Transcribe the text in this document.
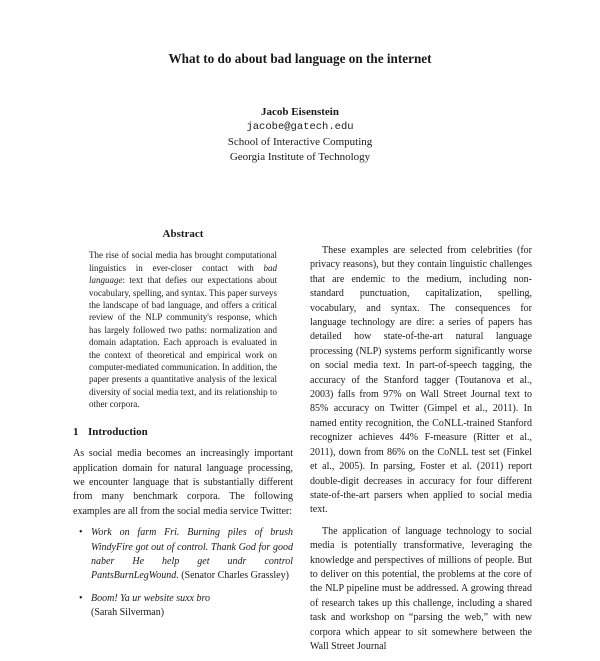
What to do about bad language on the internet
Jacob Eisenstein
jacobe@gatech.edu
School of Interactive Computing
Georgia Institute of Technology
Abstract
The rise of social media has brought computational linguistics in ever-closer contact with bad language: text that defies our expectations about vocabulary, spelling, and syntax. This paper surveys the landscape of bad language, and offers a critical review of the NLP community's response, which has largely followed two paths: normalization and domain adaptation. Each approach is evaluated in the context of theoretical and empirical work on computer-mediated communication. In addition, the paper presents a quantitative analysis of the lexical diversity of social media text, and its relationship to other corpora.
1 Introduction
As social media becomes an increasingly important application domain for natural language processing, we encounter language that is substantially different from many benchmark corpora. The following examples are all from the social media service Twitter:
• Work on farm Fri. Burning piles of brush WindyFire got out of control. Thank God for good naber He help get undr control PantsBurnLegWound. (Senator Charles Grassley)
• Boom! Ya ur website suxx bro
(Sarah Silverman)
These examples are selected from celebrities (for privacy reasons), but they contain linguistic challenges that are endemic to the medium, including non-standard punctuation, capitalization, spelling, vocabulary, and syntax. The consequences for language technology are dire: a series of papers has detailed how state-of-the-art natural language processing (NLP) systems perform significantly worse on social media text. In part-of-speech tagging, the accuracy of the Stanford tagger (Toutanova et al., 2003) falls from 97% on Wall Street Journal text to 85% accuracy on Twitter (Gimpel et al., 2011). In named entity recognition, the CoNLL-trained Stanford recognizer achieves 44% F-measure (Ritter et al., 2011), down from 86% on the CoNLL test set (Finkel et al., 2005). In parsing, Foster et al. (2011) report double-digit decreases in accuracy for four different state-of-the-art parsers when applied to social media text.
The application of language technology to social media is potentially transformative, leveraging the knowledge and perspectives of millions of people. But to deliver on this potential, the problems at the core of the NLP pipeline must be addressed. A growing thread of research takes up this challenge, including a shared task and workshop on “parsing the web,” with new corpora which appear to sit somewhere between the Wall Street Journal
